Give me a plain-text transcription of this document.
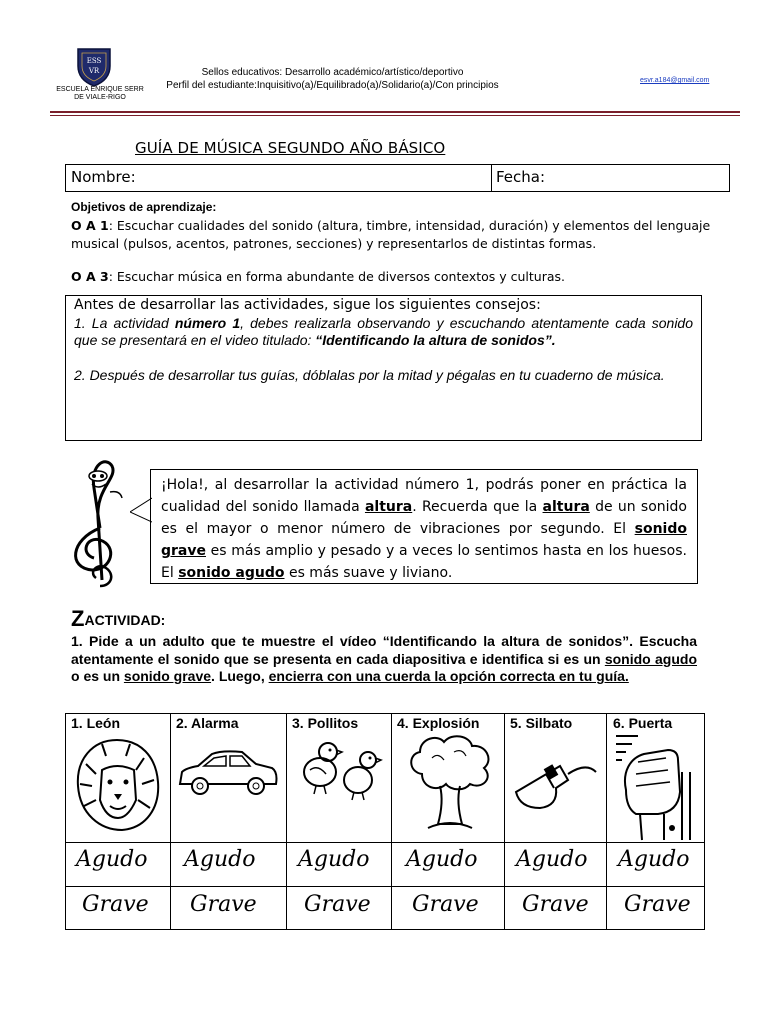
ESS
VR
ESCUELA ENRIQUE SERR
DE VIALE-RIGO
Sellos educativos: Desarrollo académico/artístico/deportivo
Perfil del estudiante:Inquisitivo(a)/Equilibrado(a)/Solidario(a)/Con principios	esvr.a184@gmail.com
GUÍA DE MÚSICA SEGUNDO AÑO BÁSICO
Nombre:	Fecha:
Objetivos de aprendizaje:
O A 1: Escuchar cualidades del sonido (altura, timbre, intensidad, duración) y elementos del lenguaje musical (pulsos, acentos, patrones, secciones) y representarlos de distintas formas.
O A 3: Escuchar música en forma abundante de diversos contextos y culturas.

Antes de desarrollar las actividades, sigue los siguientes consejos:

1. La actividad número 1, debes realizarla observando y escuchando atentamente cada sonido que se presentará en el video titulado: “Identificando la altura de sonidos”.

2. Después de desarrollar tus guías, dóblalas por la mitad y pégalas en tu cuaderno de música.

¡Hola!, al desarrollar la actividad número 1, podrás poner en práctica la cualidad del sonido llamada altura. Recuerda que la altura de un sonido es el mayor o menor número de vibraciones por segundo. El sonido grave es más amplio y pesado y a veces lo sentimos hasta en los huesos. El sonido agudo es más suave y liviano.
ZACTIVIDAD:
1. Pide a un adulto que te muestre el vídeo “Identificando la altura de sonidos”. Escucha atentamente el sonido que se presenta en cada diapositiva e identifica si es un sonido agudo o es un sonido grave. Luego, encierra con una cuerda la opción correcta en tu guía.
1. León	2. Alarma	3. Pollitos	4. Explosión 5. Silbato	6. Puerta
Agudo Agudo Agudo Agudo Agudo Agudo
Grave Grave Grave Grave Grave Grave
